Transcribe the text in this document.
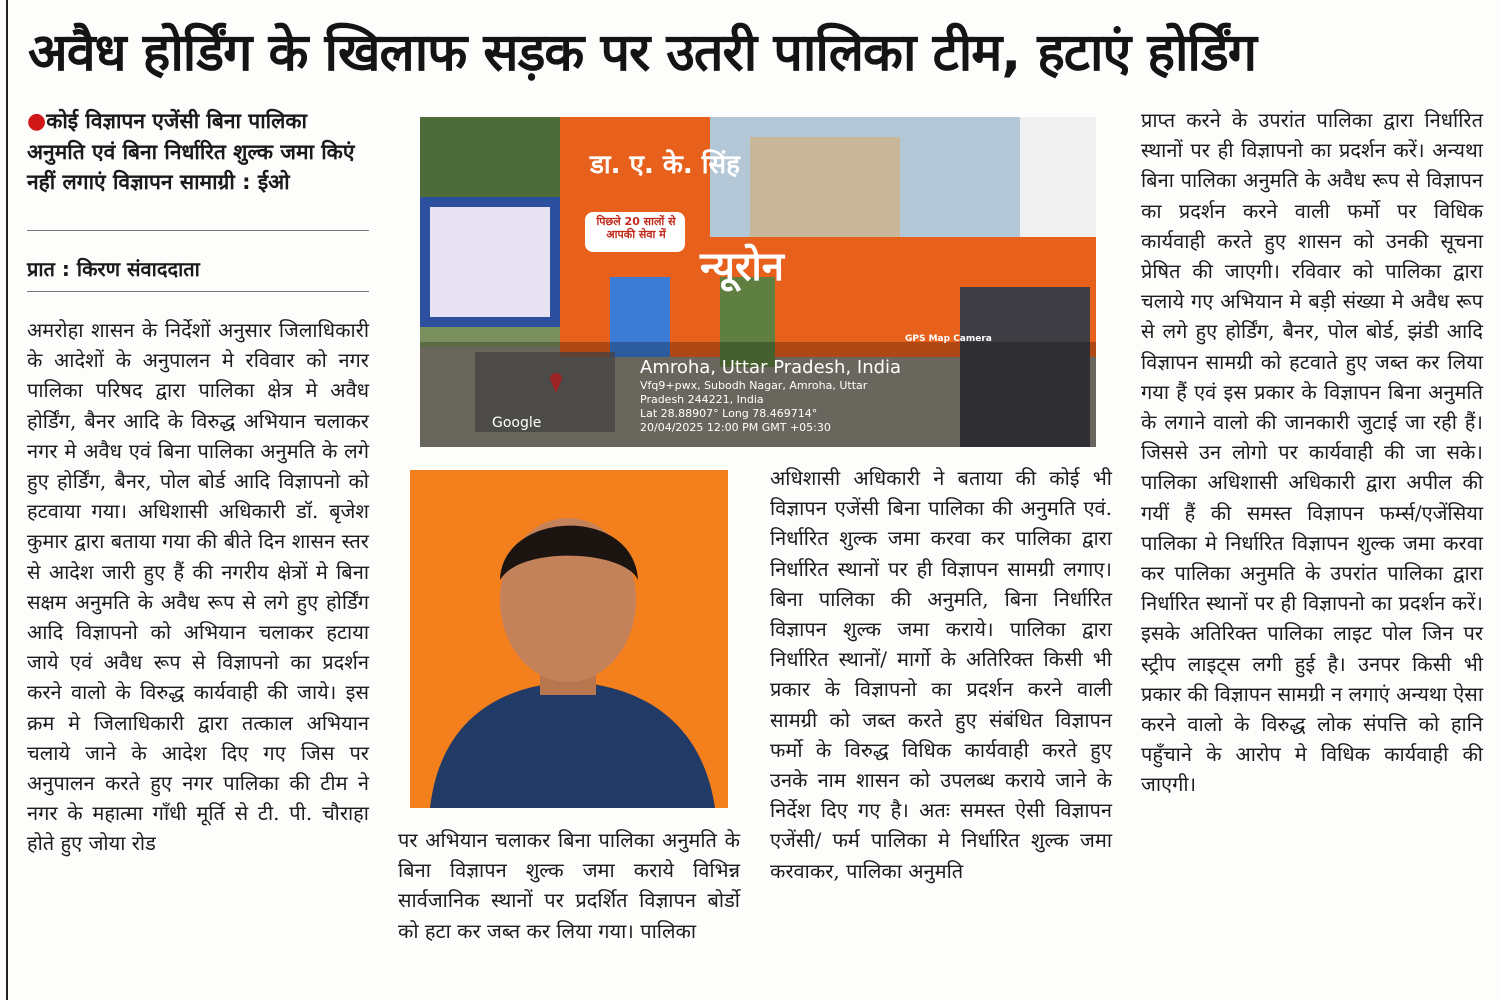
अवैध होर्डिंग के खिलाफ सड़क पर उतरी पालिका टीम, हटाएं होर्डिंग
●कोई विज्ञापन एजेंसी बिना पालिका अनुमति एवं बिना निर्धारित शुल्क जमा किएं नहीं लगाएं विज्ञापन सामाग्री : ईओ
प्रात : किरण संवाददाता
डा. ए. के. सिंह
न्यूरोन
पिछले 20 सालों से आपकी सेवा में
Google
GPS Map Camera
Amroha, Uttar Pradesh, India
Vfq9+pwx, Subodh Nagar, Amroha, Uttar
Pradesh 244221, India
Lat 28.88907° Long 78.469714°
20/04/2025 12:00 PM GMT +05:30

अमरोहा शासन के निर्देशों अनुसार जिलाधिकारी के आदेशों के अनुपालन मे रविवार को नगर पालिका परिषद द्वारा पालिका क्षेत्र मे अवैध होर्डिंग, बैनर आदि के विरुद्ध अभियान चलाकर नगर मे अवैध एवं बिना पालिका अनुमति के लगे हुए होर्डिंग, बैनर, पोल बोर्ड आदि विज्ञापनो को हटवाया गया। अधिशासी अधिकारी डॉ. बृजेश कुमार द्वारा बताया गया की बीते दिन शासन स्तर से आदेश जारी हुए हैं की नगरीय क्षेत्रों मे बिना सक्षम अनुमति के अवैध रूप से लगे हुए होर्डिंग आदि विज्ञापनो को अभियान चलाकर हटाया जाये एवं अवैध रूप से विज्ञापनो का प्रदर्शन करने वालो के विरुद्ध कार्यवाही की जाये। इस क्रम मे जिलाधिकारी द्वारा तत्काल अभियान चलाये जाने के आदेश दिए गए जिस पर अनुपालन करते हुए नगर पालिका की टीम ने नगर के महात्मा गाँधी मूर्ति से टी. पी. चौराहा होते हुए जोया रोड	पर अभियान चलाकर बिना पालिका अनुमति के बिना विज्ञापन शुल्क जमा कराये विभिन्न सार्वजानिक स्थानों पर प्रदर्शित विज्ञापन बोर्डो को हटा कर जब्त कर लिया गया। पालिका

अधिशासी अधिकारी ने बताया की कोई भी विज्ञापन एजेंसी बिना पालिका की अनुमति एवं. निर्धारित शुल्क जमा करवा कर पालिका द्वारा निर्धारित स्थानों पर ही विज्ञापन सामग्री लगाए। बिना पालिका की अनुमति, बिना निर्धारित विज्ञापन शुल्क जमा कराये। पालिका द्वारा निर्धारित स्थानों/ मार्गो के अतिरिक्त किसी भी प्रकार के विज्ञापनो का प्रदर्शन करने वाली सामग्री को जब्त करते हुए संबंधित विज्ञापन फर्मो के विरुद्ध विधिक कार्यवाही करते हुए उनके नाम शासन को उपलब्ध कराये जाने के निर्देश दिए गए है। अतः समस्त ऐसी विज्ञापन एजेंसी/ फर्म पालिका मे निर्धारित शुल्क जमा करवाकर, पालिका अनुमति

प्राप्त करने के उपरांत पालिका द्वारा निर्धारित स्थानों पर ही विज्ञापनो का प्रदर्शन करें। अन्यथा बिना पालिका अनुमति के अवैध रूप से विज्ञापन का प्रदर्शन करने वाली फर्मो पर विधिक कार्यवाही करते हुए शासन को उनकी सूचना प्रेषित की जाएगी। रविवार को पालिका द्वारा चलाये गए अभियान मे बड़ी संख्या मे अवैध रूप से लगे हुए होर्डिंग, बैनर, पोल बोर्ड, झंडी आदि विज्ञापन सामग्री को हटवाते हुए जब्त कर लिया गया हैं एवं इस प्रकार के विज्ञापन बिना अनुमति के लगाने वालो की जानकारी जुटाई जा रही हैं। जिससे उन लोगो पर कार्यवाही की जा सके। पालिका अधिशासी अधिकारी द्वारा अपील की गयीं हैं की समस्त विज्ञापन फर्म्स/एजेंसिया पालिका मे निर्धारित विज्ञापन शुल्क जमा करवा कर पालिका अनुमति के उपरांत पालिका द्वारा निर्धारित स्थानों पर ही विज्ञापनो का प्रदर्शन करें। इसके अतिरिक्त पालिका लाइट पोल जिन पर स्ट्रीप लाइट्स लगी हुई है। उनपर किसी भी प्रकार की विज्ञापन सामग्री न लगाएं अन्यथा ऐसा करने वालो के विरुद्ध लोक संपत्ति को हानि पहुँचाने के आरोप मे विधिक कार्यवाही की जाएगी।
